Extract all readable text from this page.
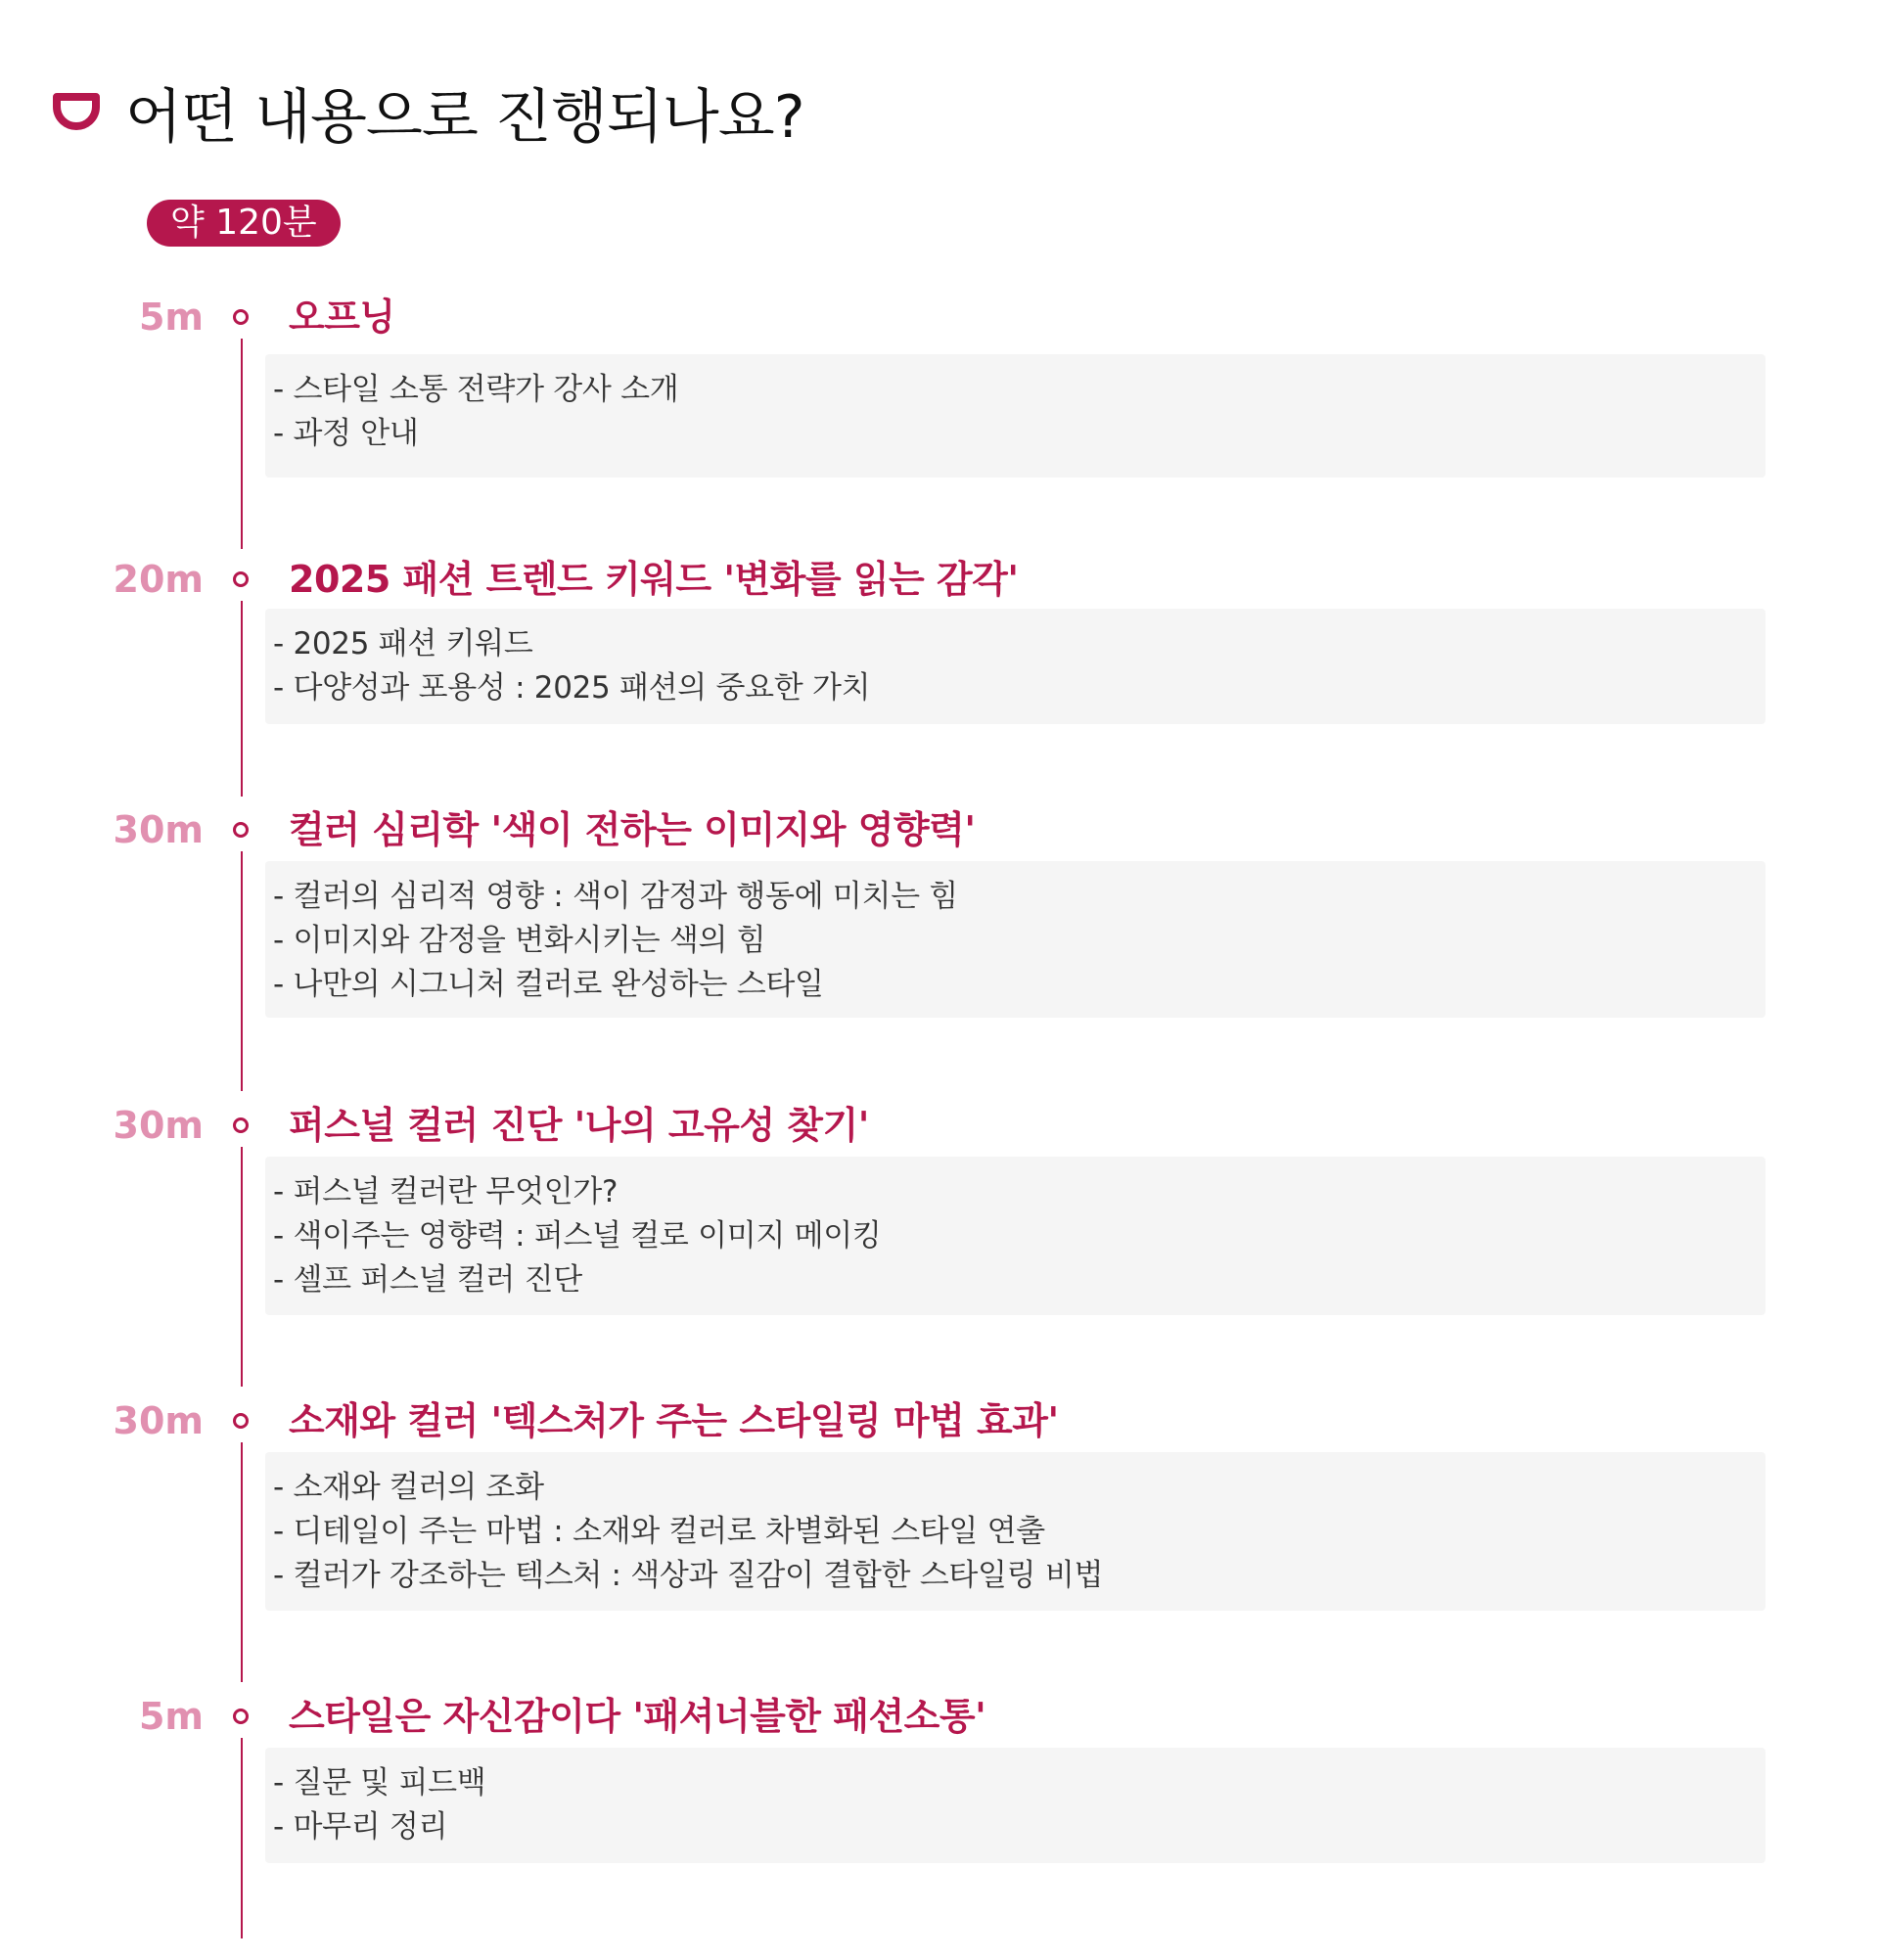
어떤 내용으로 진행되나요?
약 120분
5m 오프닝
- 스타일 소통 전략가 강사 소개
- 과정 안내
20m 2025 패션 트렌드 키워드 '변화를 읽는 감각'
- 2025 패션 키워드
- 다양성과 포용성 : 2025 패션의 중요한 가치
30m 컬러 심리학 '색이 전하는 이미지와 영향력'
- 컬러의 심리적 영향 : 색이 감정과 행동에 미치는 힘
- 이미지와 감정을 변화시키는 색의 힘
- 나만의 시그니처 컬러로 완성하는 스타일
30m 퍼스널 컬러 진단 '나의 고유성 찾기'
- 퍼스널 컬러란 무엇인가?
- 색이주는 영향력 : 퍼스널 컬로 이미지 메이킹
- 셀프 퍼스널 컬러 진단
30m 소재와 컬러 '텍스처가 주는 스타일링 마법 효과'
- 소재와 컬러의 조화
- 디테일이 주는 마법 : 소재와 컬러로 차별화된 스타일 연출
- 컬러가 강조하는 텍스처 : 색상과 질감이 결합한 스타일링 비법
5m 스타일은 자신감이다 '패셔너블한 패션소통'
- 질문 및 피드백
- 마무리 정리
